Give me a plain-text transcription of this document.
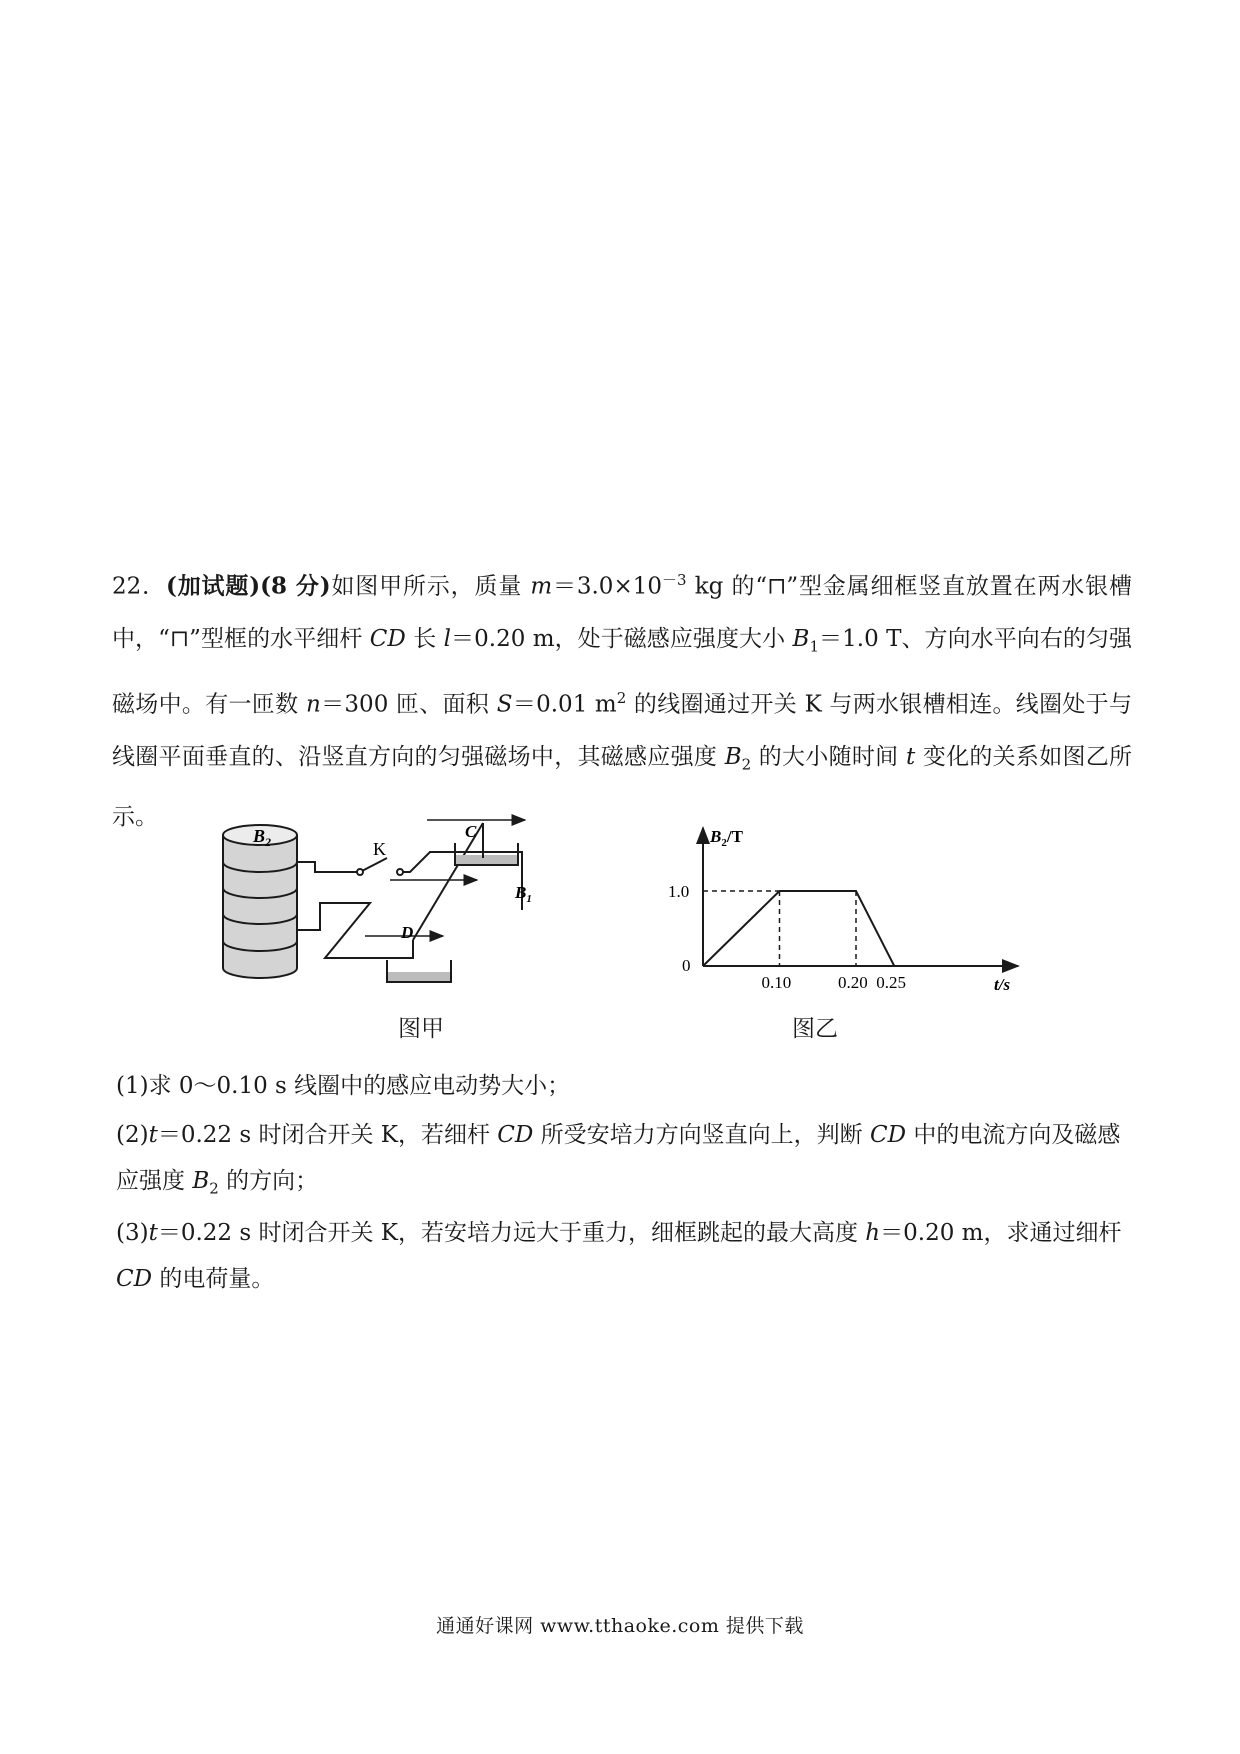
22．(加试题)(8 分)如图甲所示，质量 $m=3.0\times 10^{-3}$ kg 的“⊓”型金属细框竖直放置在两水银槽中，“⊓”型框的水平细杆 CD 长 l＝0.20 m，处于磁感应强度大小 $B_1=1.0$ T、方向水平向右的匀强磁场中。有一匝数 n＝300 匝、面积 S＝0.01 $m^2$ 的线圈通过开关 K 与两水银槽相连。线圈处于与线圈平面垂直的、沿竖直方向的匀强磁场中，其磁感应强度 $B_2$ 的大小随时间 t 变化的关系如图乙所示。
$B_2$	K
C
D
$B_1$
图甲
$B_2/T$
t/s
0
1.0
0.10	0.20 0.25
图乙
(1)求 0～0.10 s 线圈中的感应电动势大小；
(2)t＝0.22 s 时闭合开关 K，若细杆 CD 所受安培力方向竖直向上，判断 CD 中的电流方向及磁感应强度 $B_2$ 的方向；
(3)t＝0.22 s 时闭合开关 K，若安培力远大于重力，细框跳起的最大高度 h＝0.20 m，求通过细杆 CD 的电荷量。
通通好课网 www.tthaoke.com 提供下载
